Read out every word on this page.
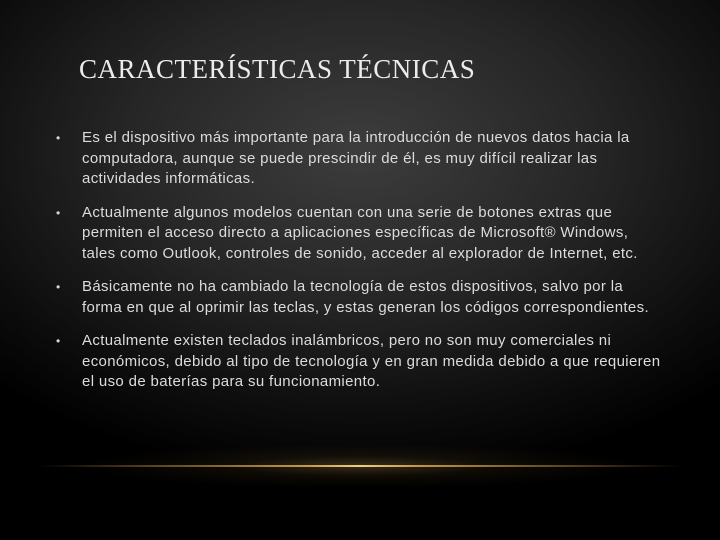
CARACTERÍSTICAS TÉCNICAS
•	Es el dispositivo más importante para la introducción de nuevos datos hacia la computadora, aunque se puede prescindir de él, es muy difícil realizar las actividades informáticas.
•	Actualmente algunos modelos cuentan con una serie de botones extras que permiten el acceso directo a aplicaciones específicas de Microsoft® Windows, tales como Outlook, controles de sonido, acceder al explorador de Internet, etc.
•	Básicamente no ha cambiado la tecnología de estos dispositivos, salvo por la forma en que al oprimir las teclas, y estas generan los códigos correspondientes.
•	Actualmente existen teclados inalámbricos, pero no son muy comerciales ni económicos, debido al tipo de tecnología y en gran medida debido a que requieren el uso de baterías para su funcionamiento.
